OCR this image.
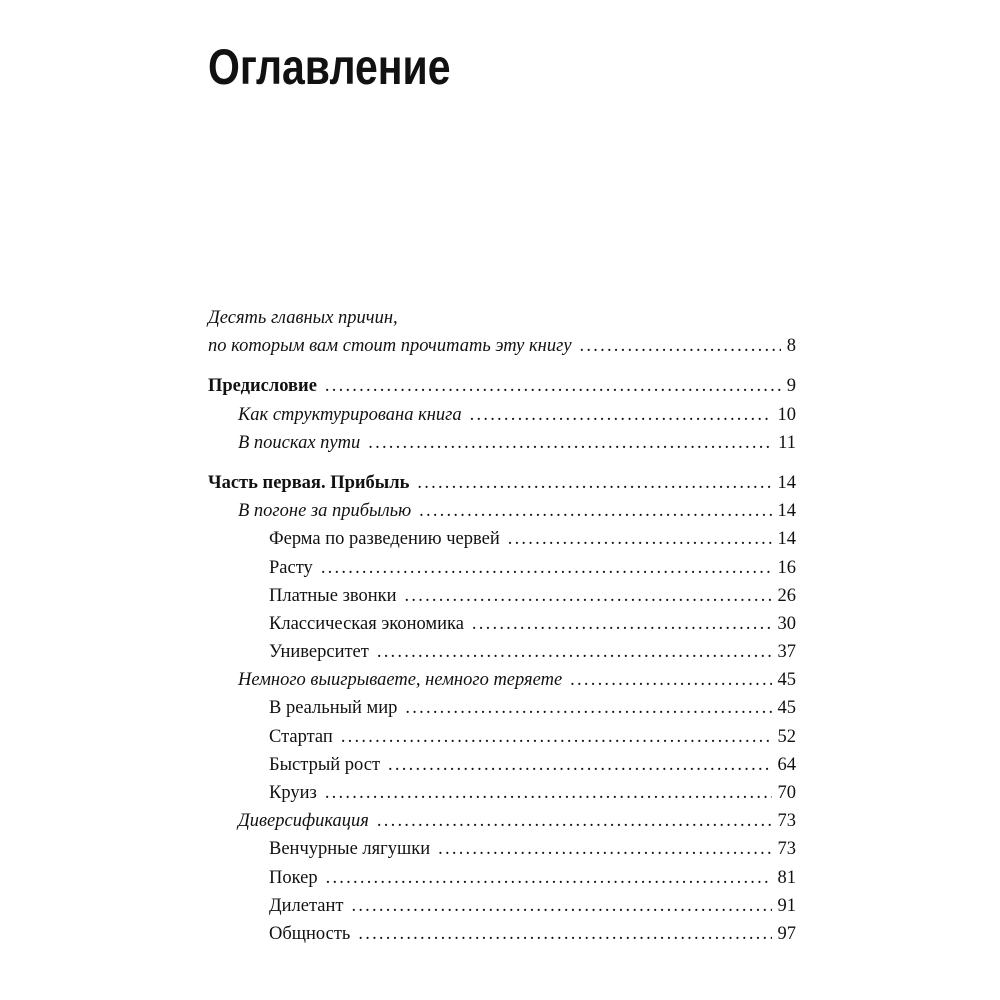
Оглавление
Десять главных причин,
по которым вам стоит прочитать эту книгу . . .	8
Предисловие . . .	9
Как структурирована книга . . .	10
В поисках пути . . .	11
Часть первая. Прибыль . . .	14
В погоне за прибылью . . .	14
Ферма по разведению червей . . .	14
Расту . . .	16
Платные звонки . . .	26
Классическая экономика . . .	30
Университет . . .	37
Немного выигрываете, немного теряете . . .	45
В реальный мир . . .	45
Стартап . . .	52
Быстрый рост . . .	64
Круиз . . .	70
Диверсификация . . .	73
Венчурные лягушки . . .	73
Покер . . .	81
Дилетант . . .	91
Общность . . .	97
